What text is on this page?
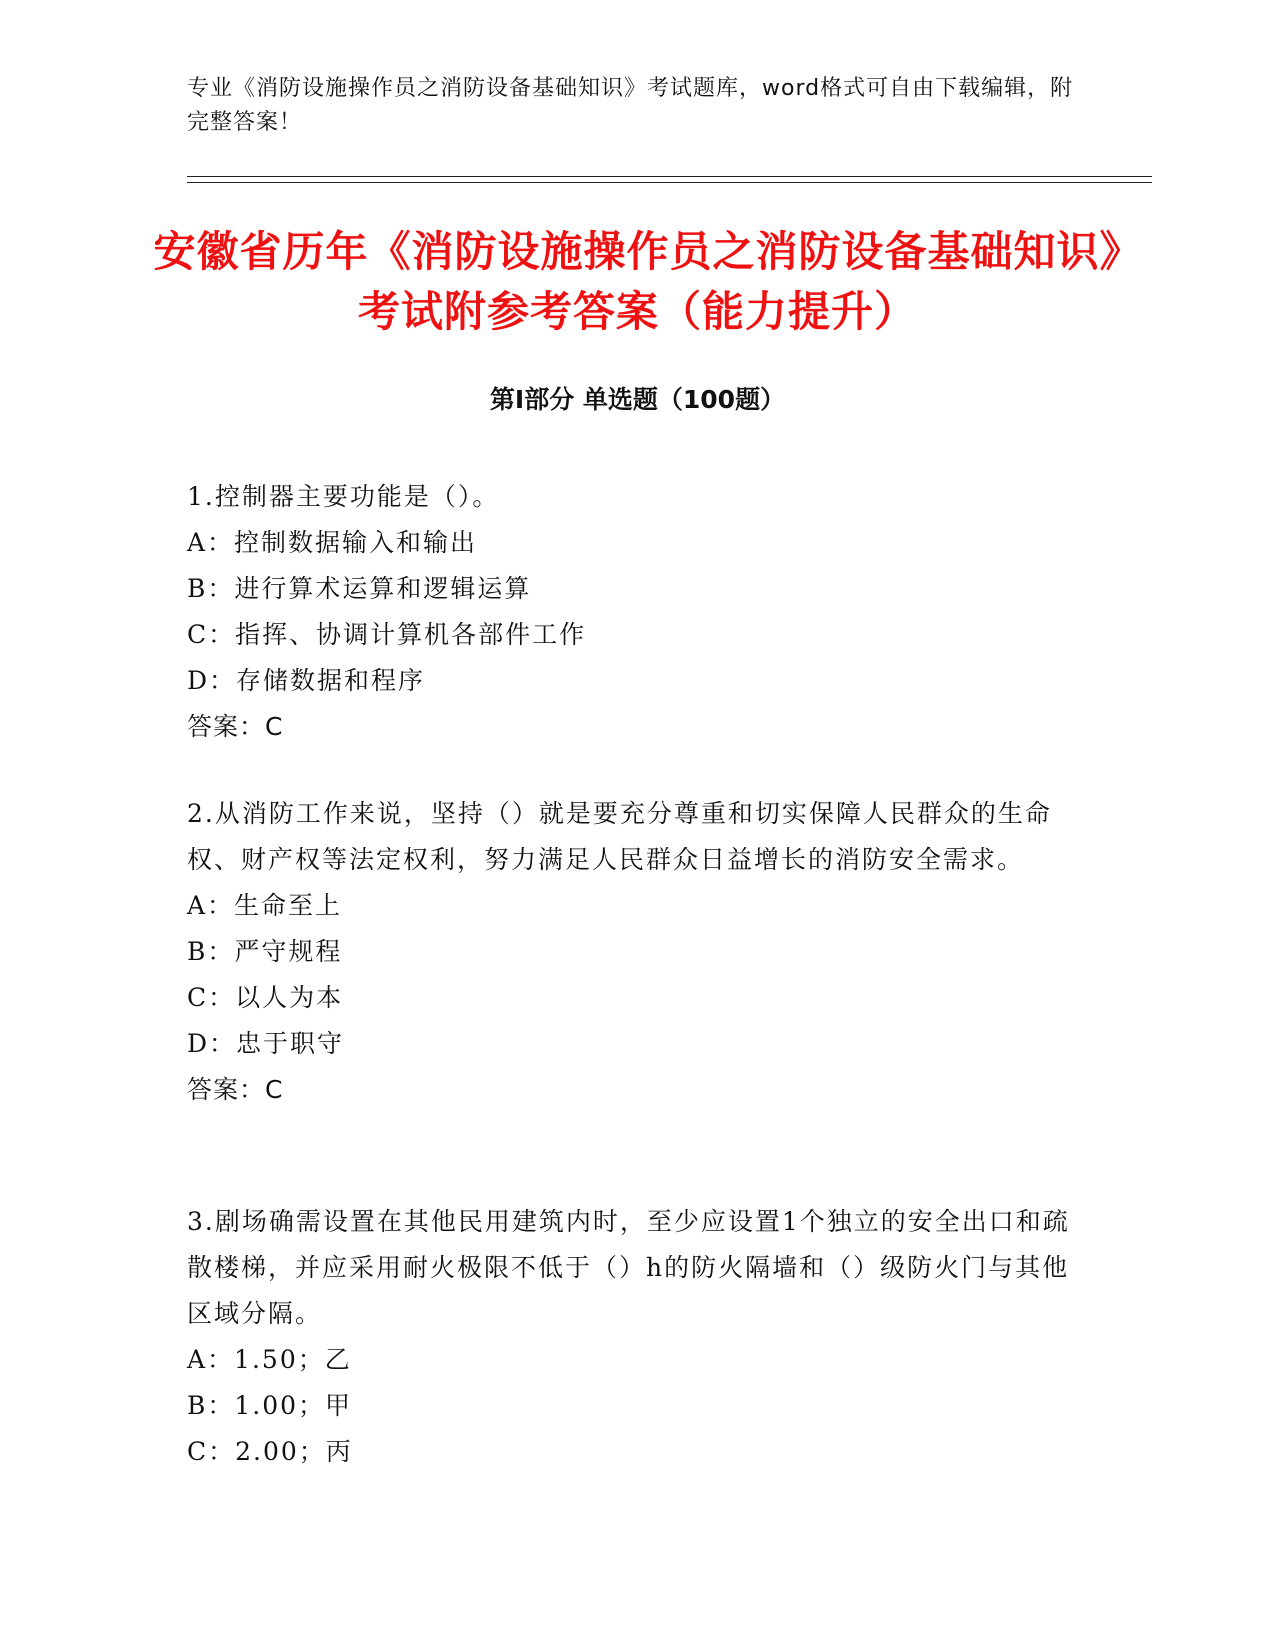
专业《消防设施操作员之消防设备基础知识》考试题库，word格式可自由下载编辑，附完整答案！
安徽省历年《消防设施操作员之消防设备基础知识》考试附参考答案（能力提升）
第Ⅰ部分 单选题（100题）
1.控制器主要功能是（）。
A：控制数据输入和输出
B：进行算术运算和逻辑运算
C：指挥、协调计算机各部件工作
D：存储数据和程序
答案：C
2.从消防工作来说，坚持（）就是要充分尊重和切实保障人民群众的生命权、财产权等法定权利，努力满足人民群众日益增长的消防安全需求。
A：生命至上
B：严守规程
C：以人为本
D：忠于职守
答案：C
3.剧场确需设置在其他民用建筑内时，至少应设置1个独立的安全出口和疏散楼梯，并应采用耐火极限不低于（）h的防火隔墙和（）级防火门与其他区域分隔。
A：1.50；乙
B：1.00；甲
C：2.00；丙
